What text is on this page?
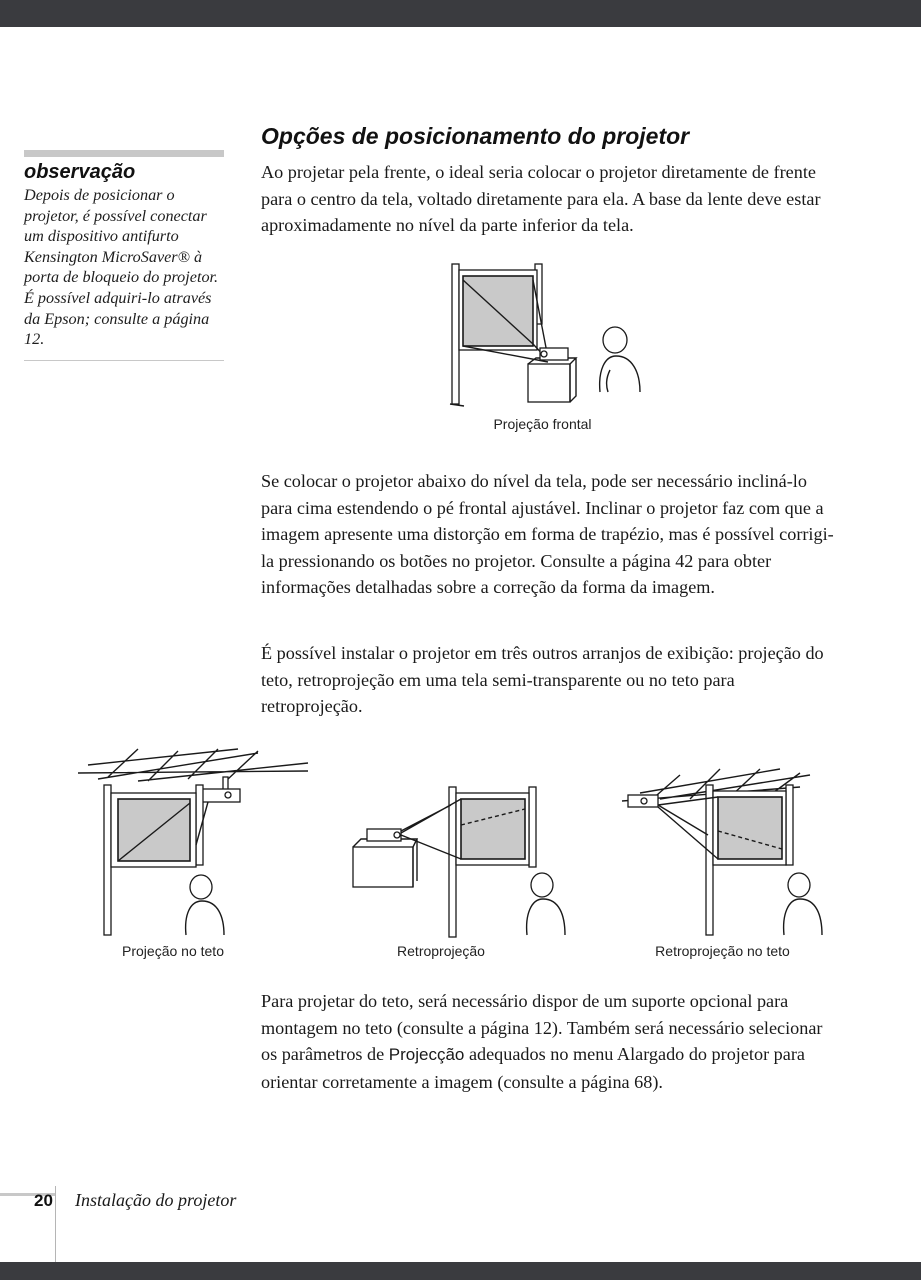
observação
Depois de posicionar o projetor, é possível conectar um dispositivo antifurto Kensington MicroSaver® à porta de bloqueio do projetor. É possível adquiri-lo através da Epson; consulte a página 12.
Opções de posicionamento do projetor
Ao projetar pela frente, o ideal seria colocar o projetor diretamente de frente para o centro da tela, voltado diretamente para ela. A base da lente deve estar aproximadamente no nível da parte inferior da tela.
Projeção frontal
Se colocar o projetor abaixo do nível da tela, pode ser necessário incliná-lo para cima estendendo o pé frontal ajustável. Inclinar o projetor faz com que a imagem apresente uma distorção em forma de trapézio, mas é possível corrigi-la pressionando os botões no projetor. Consulte a página 42 para obter informações detalhadas sobre a correção da forma da imagem.
É possível instalar o projetor em três outros arranjos de exibição: projeção do teto, retroprojeção em uma tela semi-transparente ou no teto para retroprojeção.
Projeção no teto	Retroprojeção	Retroprojeção no teto
Para projetar do teto, será necessário dispor de um suporte opcional para montagem no teto (consulte a página 12). Também será necessário selecionar os parâmetros de Projecção adequados no menu Alargado do projetor para orientar corretamente a imagem (consulte a página 68).
20 Instalação do projetor
